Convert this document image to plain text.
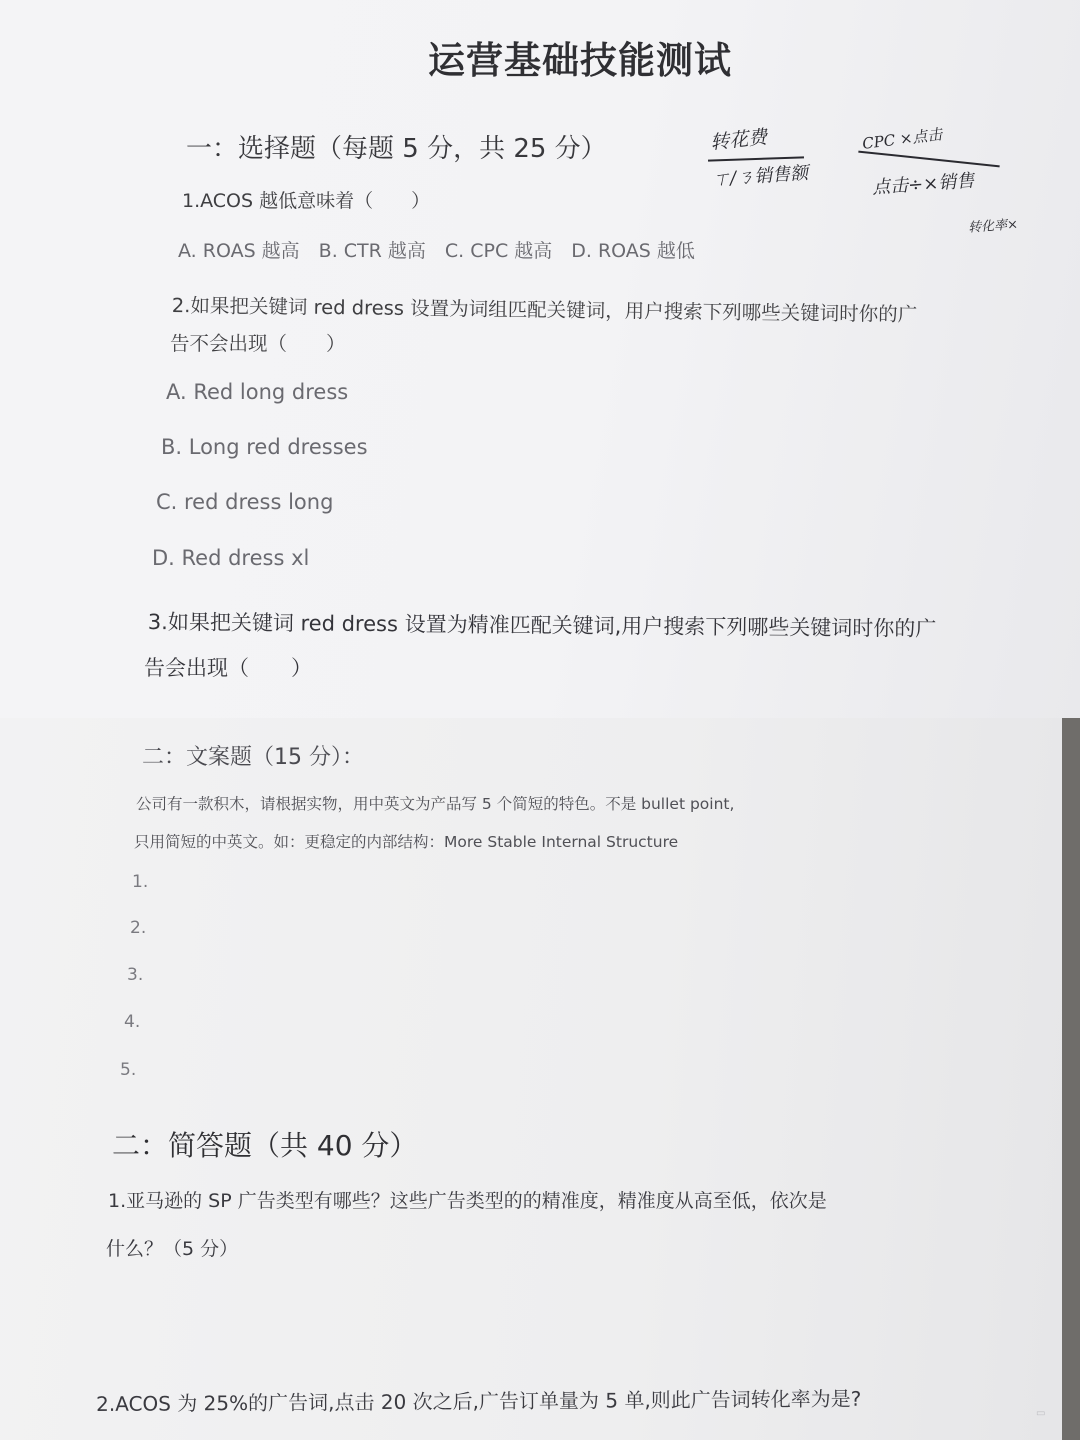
运营基础技能测试
一：选择题（每题 5 分，共 25 分）
1.ACOS 越低意味着（　　）
A. ROAS 越高　B. CTR 越高　C. CPC 越高　D. ROAS 越低
2.如果把关键词 red dress 设置为词组匹配关键词，用户搜索下列哪些关键词时你的广
告不会出现（　　）
A. Red long dress
B. Long red dresses
C. red dress long
D. Red dress xl
3.如果把关键词 red dress 设置为精准匹配关键词,用户搜索下列哪些关键词时你的广
告会出现（　　）
转花费
ㄒ/ㄋ销售额
CPC ×点击
点击÷×销售
转化率×
二：文案题（15 分）：
公司有一款积木，请根据实物，用中英文为产品写 5 个简短的特色。不是 bullet point,
只用简短的中英文。如：更稳定的内部结构：More Stable Internal Structure
1.
2.
3.
4.
5.
二：简答题（共 40 分）
1.亚马逊的 SP 广告类型有哪些？这些广告类型的的精准度，精准度从高至低，依次是
什么？（5 分）
2.ACOS 为 25%的广告词,点击 20 次之后,广告订单量为 5 单,则此广告词转化率为是?	▭
